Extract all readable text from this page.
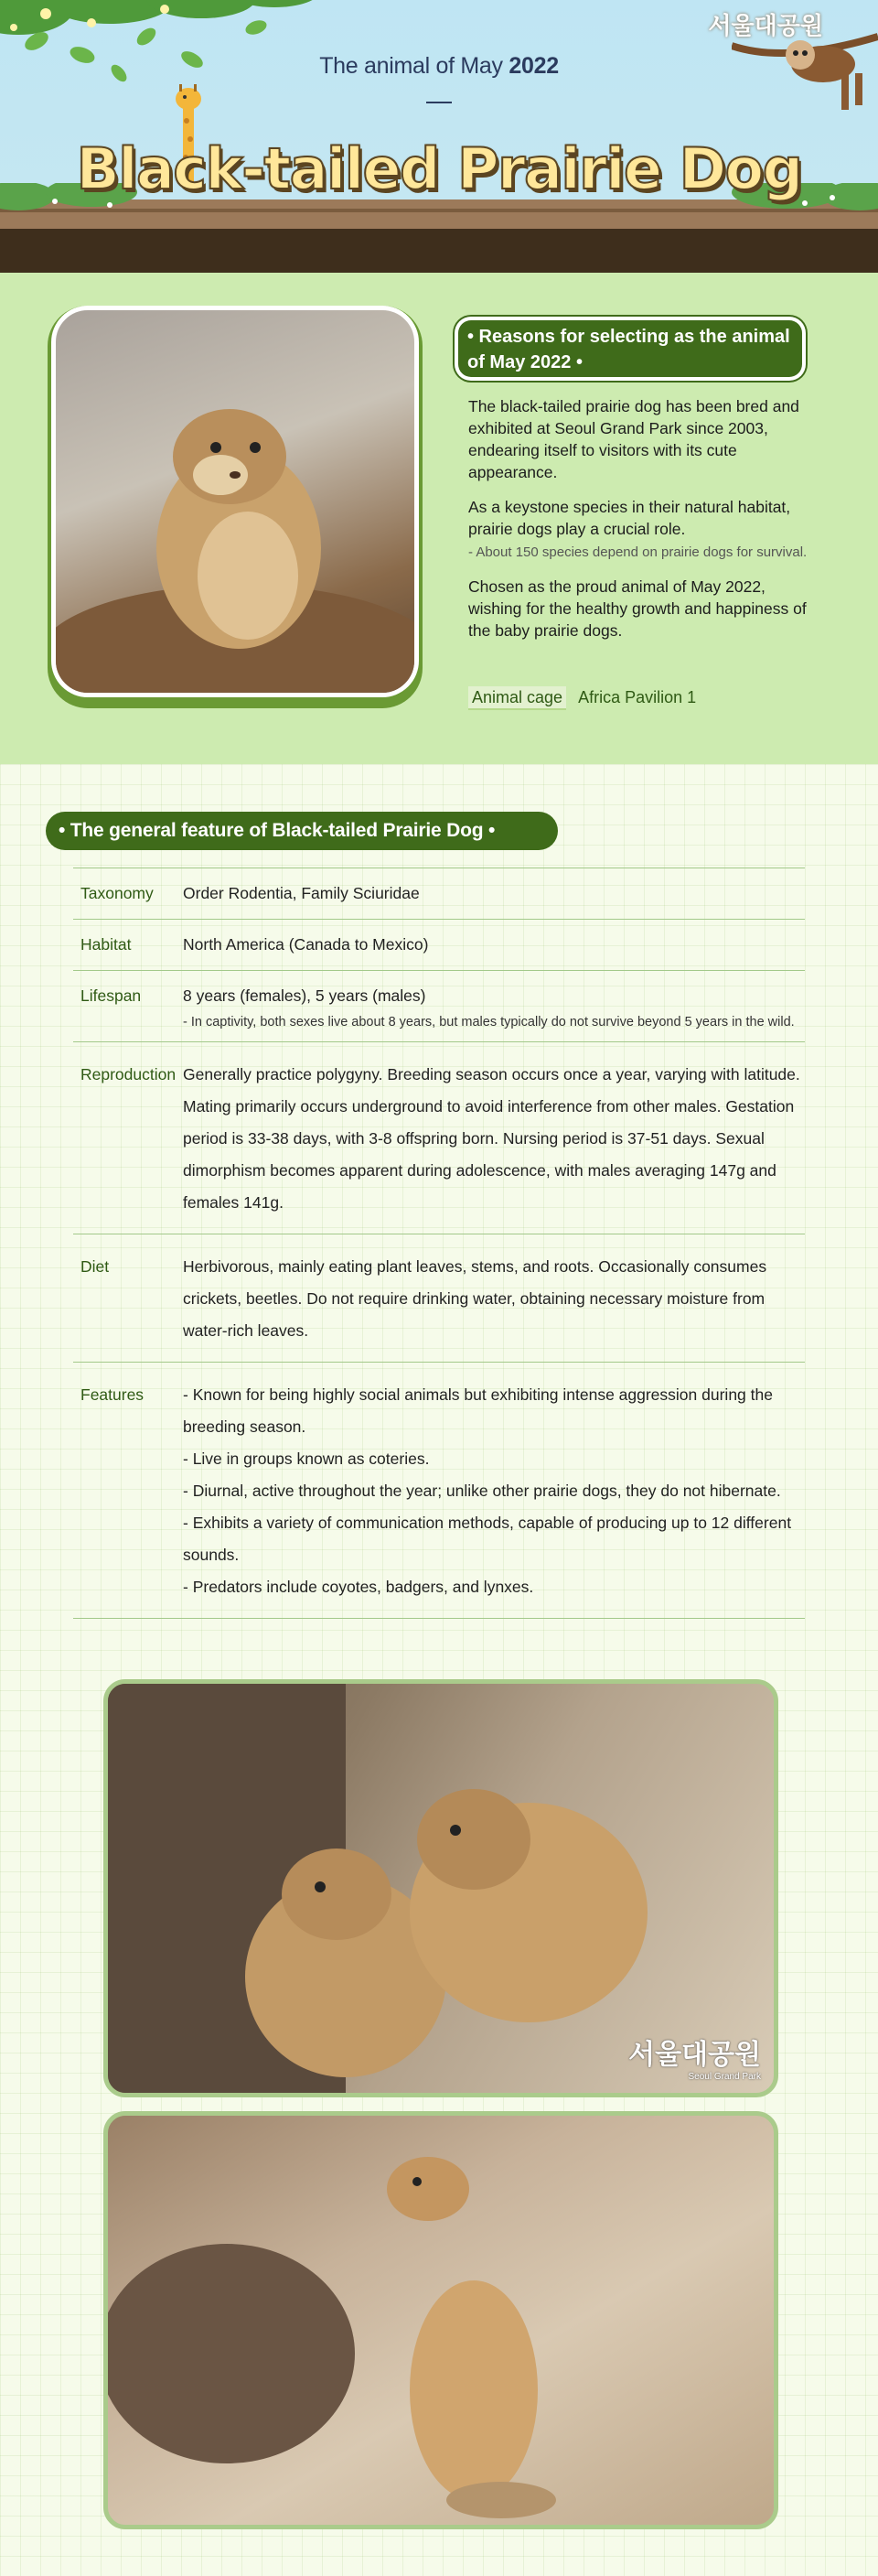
서울대공원
The animal of May 2022
Black-tailed Prairie Dog
• Reasons for selecting as the animal of May 2022 •

The black-tailed prairie dog has been bred and exhibited at Seoul Grand Park since 2003, endearing itself to visitors with its cute appearance.

As a keystone species in their natural habitat, prairie dogs play a crucial role.
- About 150 species depend on prairie dogs for survival.

Chosen as the proud animal of May 2022, wishing for the healthy growth and happiness of the baby prairie dogs.

Animal cage Africa Pavilion 1
• The general feature of Black-tailed Prairie Dog •
Taxonomy	Order Rodentia, Family Sciuridae
Habitat	North America (Canada to Mexico)
Lifespan	8 years (females), 5 years (males)
- In captivity, both sexes live about 8 years, but males typically do not survive beyond 5 years in the wild.

Reproduction	Generally practice polygyny. Breeding season occurs once a year, varying with latitude. Mating primarily occurs underground to avoid interference from other males. Gestation period is 33-38 days, with 3-8 offspring born. Nursing period is 37-51 days. Sexual dimorphism becomes apparent during adolescence, with males averaging 147g and females 141g.
Diet	Herbivorous, mainly eating plant leaves, stems, and roots. Occasionally consumes crickets, beetles. Do not require drinking water, obtaining necessary moisture from water-rich leaves.
Features	- Known for being highly social animals but exhibiting intense aggression during the breeding season.
- Live in groups known as coteries.
- Diurnal, active throughout the year; unlike other prairie dogs, they do not hibernate.
- Exhibits a variety of communication methods, capable of producing up to 12 different sounds.
- Predators include coyotes, badgers, and lynxes.
서울대공원
Seoul Grand Park
